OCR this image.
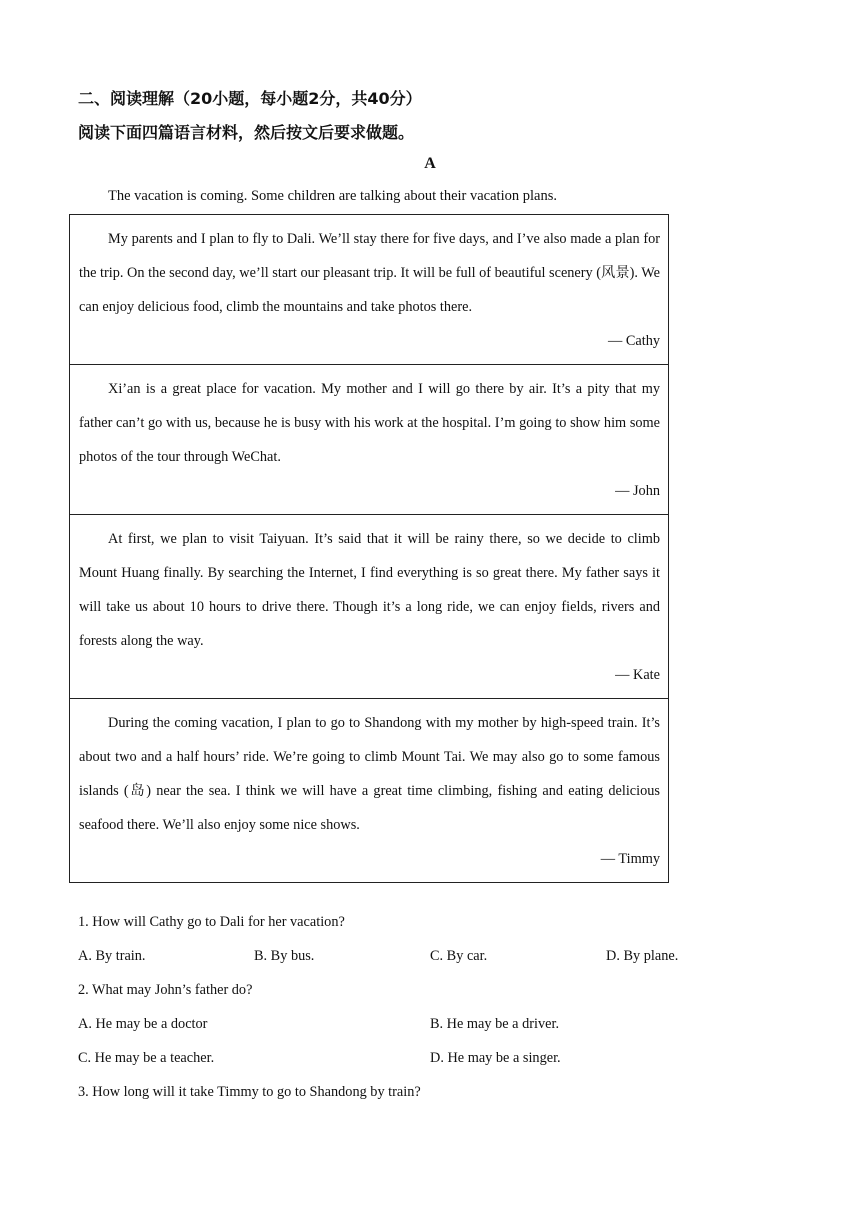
二、阅读理解（20小题，每小题2分，共40分）
阅读下面四篇语言材料，然后按文后要求做题。
A
The vacation is coming. Some children are talking about their vacation plans.

My parents and I plan to fly to Dali. We’ll stay there for five days, and I’ve also made a plan for the trip. On the second day, we’ll start our pleasant trip. It will be full of beautiful scenery (风景). We can enjoy delicious food, climb the mountains and take photos there.

— Cathy

Xi’an is a great place for vacation. My mother and I will go there by air. It’s a pity that my father can’t go with us, because he is busy with his work at the hospital. I’m going to show him some photos of the tour through WeChat.

— John

At first, we plan to visit Taiyuan. It’s said that it will be rainy there, so we decide to climb Mount Huang finally. By searching the Internet, I find everything is so great there. My father says it will take us about 10 hours to drive there. Though it’s a long ride, we can enjoy fields, rivers and forests along the way.

— Kate

During the coming vacation, I plan to go to Shandong with my mother by high-speed train. It’s about two and a half hours’ ride. We’re going to climb Mount Tai. We may also go to some famous islands (岛) near the sea. I think we will have a great time climbing, fishing and eating delicious seafood there. We’ll also enjoy some nice shows.

— Timmy

1. How will Cathy go to Dali for her vacation?
A. By train.	B. By bus.	C. By car.	D. By plane.
2. What may John’s father do?
A. He may be a doctor	B. He may be a driver.
C. He may be a teacher.	D. He may be a singer.
3. How long will it take Timmy to go to Shandong by train?
